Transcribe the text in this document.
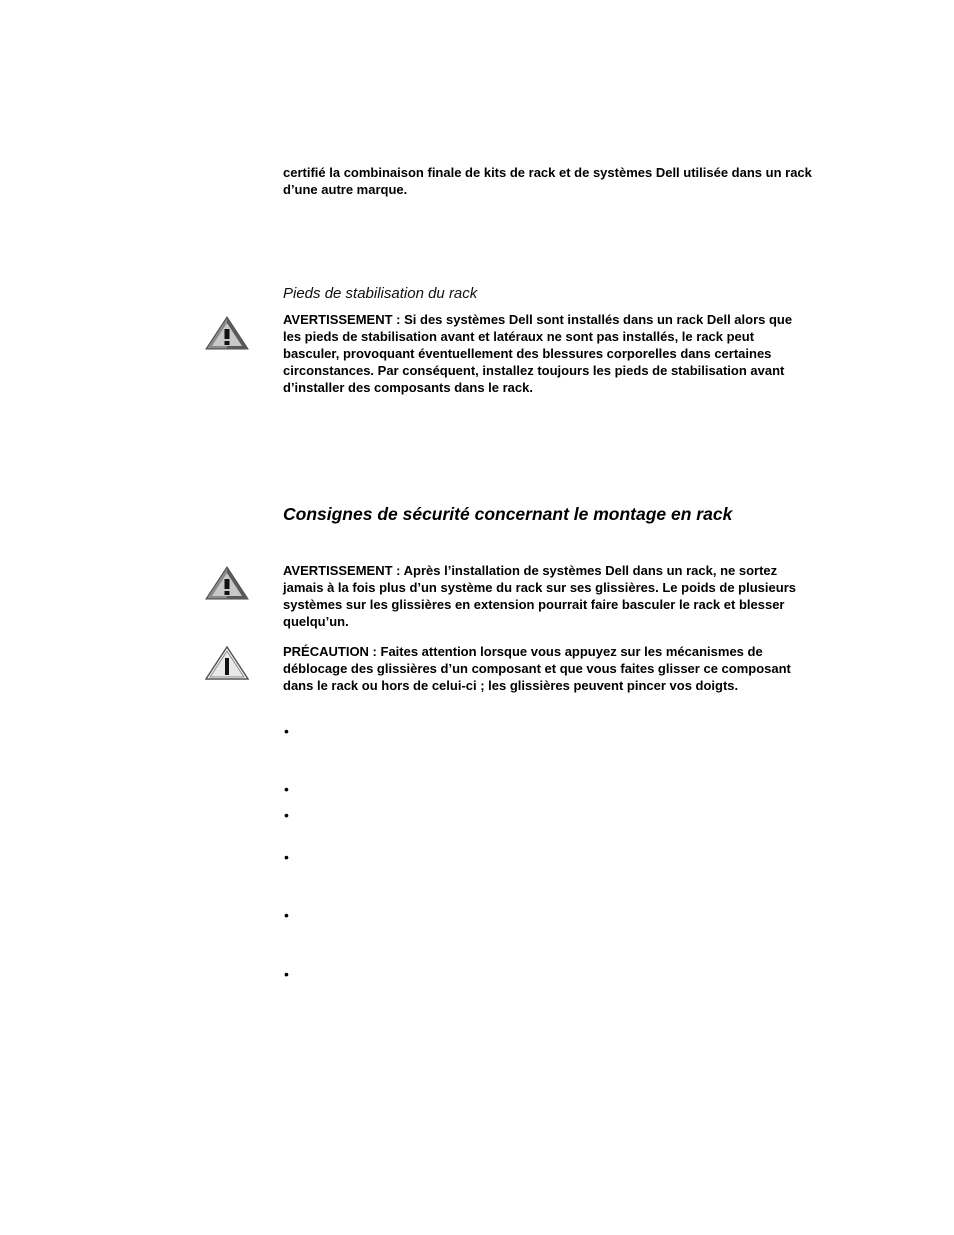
certifié la combinaison finale de kits de rack et de systèmes Dell utilisée dans un rack d’une autre marque.
Pieds de stabilisation du rack
AVERTISSEMENT : Si des systèmes Dell sont installés dans un rack Dell alors que les pieds de stabilisation avant et latéraux ne sont pas installés, le rack peut basculer, provoquant éventuellement des blessures corporelles dans certaines circonstances. Par conséquent, installez toujours les pieds de stabilisation avant d’installer des composants dans le rack.
Consignes de sécurité concernant le montage en rack
AVERTISSEMENT : Après l’installation de systèmes Dell dans un rack, ne sortez jamais à la fois plus d’un système du rack sur ses glissières. Le poids de plusieurs systèmes sur les glissières en extension pourrait faire basculer le rack et blesser quelqu’un.
PRÉCAUTION : Faites attention lorsque vous appuyez sur les mécanismes de déblocage des glissières d’un composant et que vous faites glisser ce composant dans le rack ou hors de celui-ci ; les glissières peuvent pincer vos doigts.
•
•
•
•
•
•
